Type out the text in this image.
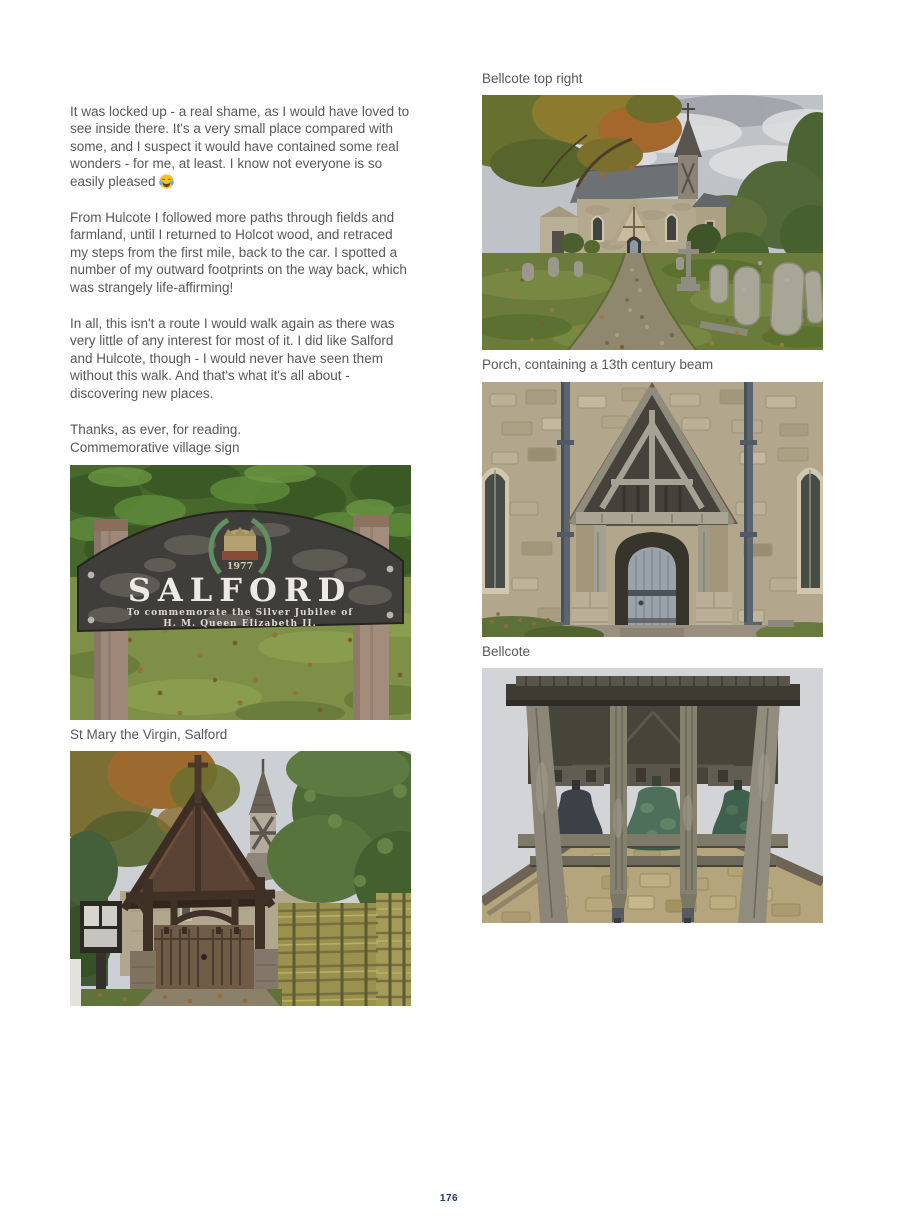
It was locked up - a real shame, as I would have loved to see inside there. It's a very small place compared with some, and I suspect it would have contained some real wonders - for me, at least. I know not everyone is so easily pleased

From Hulcote I followed more paths through fields and farmland, until I returned to Holcot wood, and retraced my steps from the first mile, back to the car. I spotted a number of my outward footprints on the way back, which was strangely life-affirming!

In all, this isn't a route I would walk again as there was very little of any interest for most of it. I did like Salford and Hulcote, though - I would never have seen them without this walk. And that's what it's all about - discovering new places.

Thanks, as ever, for reading.
Commemorative village sign

1977
SALFORD
To commemorate the Silver Jubilee of
H. M. Queen Elizabeth II.

St Mary the Virgin, Salford

Bellcote top right

Porch, containing a 13th century beam

Bellcote

176
